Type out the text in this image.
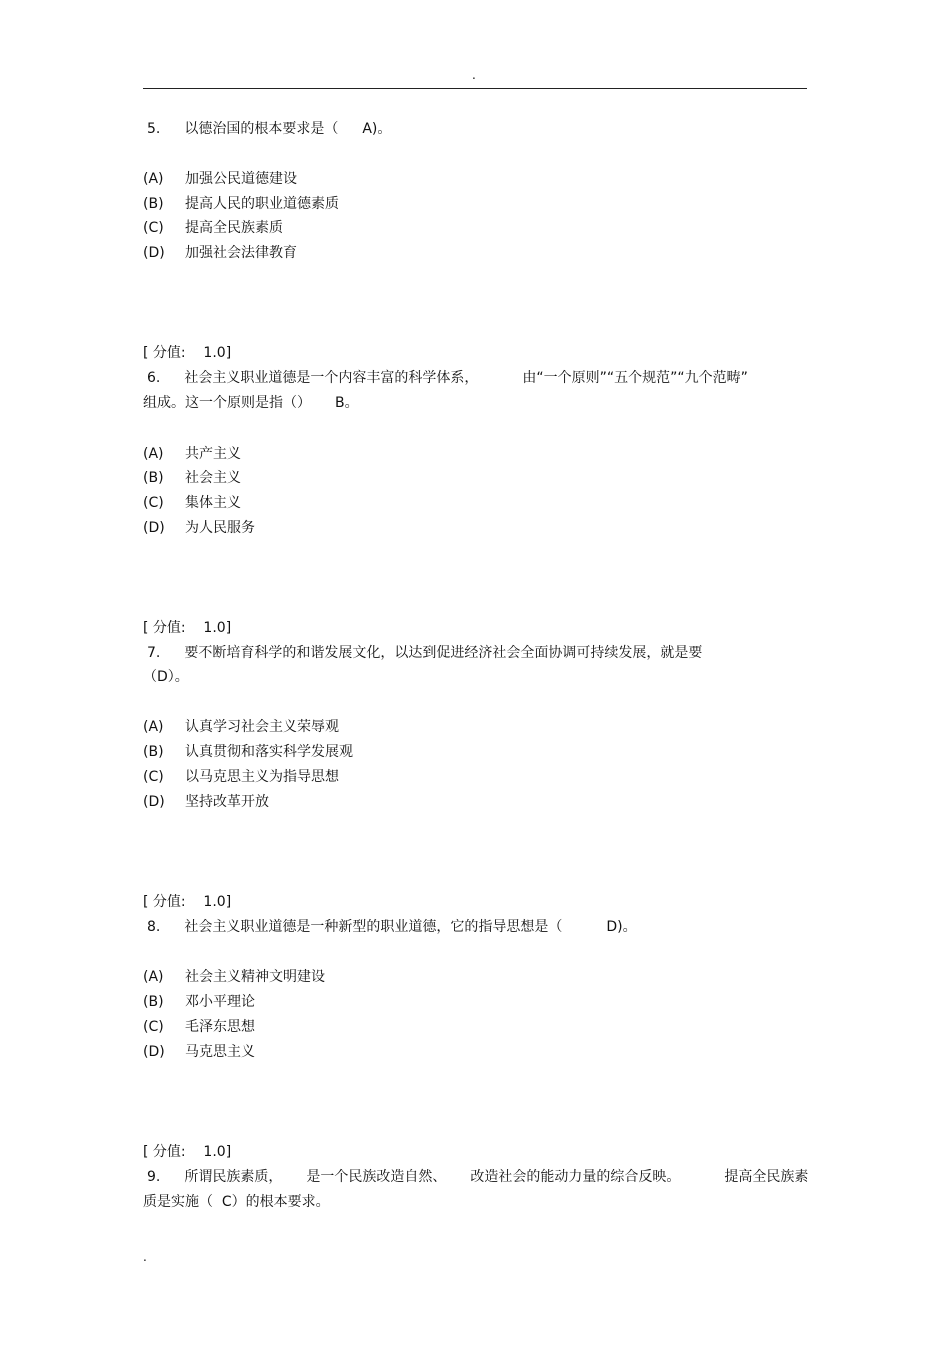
.
5. 以德治国的根本要求是（ A)。
(A) 加强公民道德建设
(B) 提高人民的职业道德素质
(C) 提高全民族素质
(D) 加强社会法律教育
[ 分值:    1.0]
6. 社会主义职业道德是一个内容丰富的科学体系，	由“一个原则”“五个规范”“九个范畴”
组成。这一个原则是指（） B。
(A) 共产主义
(B) 社会主义
(C) 集体主义
(D) 为人民服务
[ 分值:    1.0]
7. 要不断培育科学的和谐发展文化，以达到促进经济社会全面协调可持续发展，就是要
（D）。
(A) 认真学习社会主义荣辱观
(B) 认真贯彻和落实科学发展观
(C) 以马克思主义为指导思想
(D) 坚持改革开放
[ 分值:    1.0]
8. 社会主义职业道德是一种新型的职业道德，它的指导思想是（	D)。
(A) 社会主义精神文明建设
(B) 邓小平理论
(C) 毛泽东思想
(D) 马克思主义
[ 分值:    1.0]
9. 所谓民族素质， 是一个民族改造自然、 改造社会的能动力量的综合反映。	提高全民族素
质是实施（  C）的根本要求。
.
